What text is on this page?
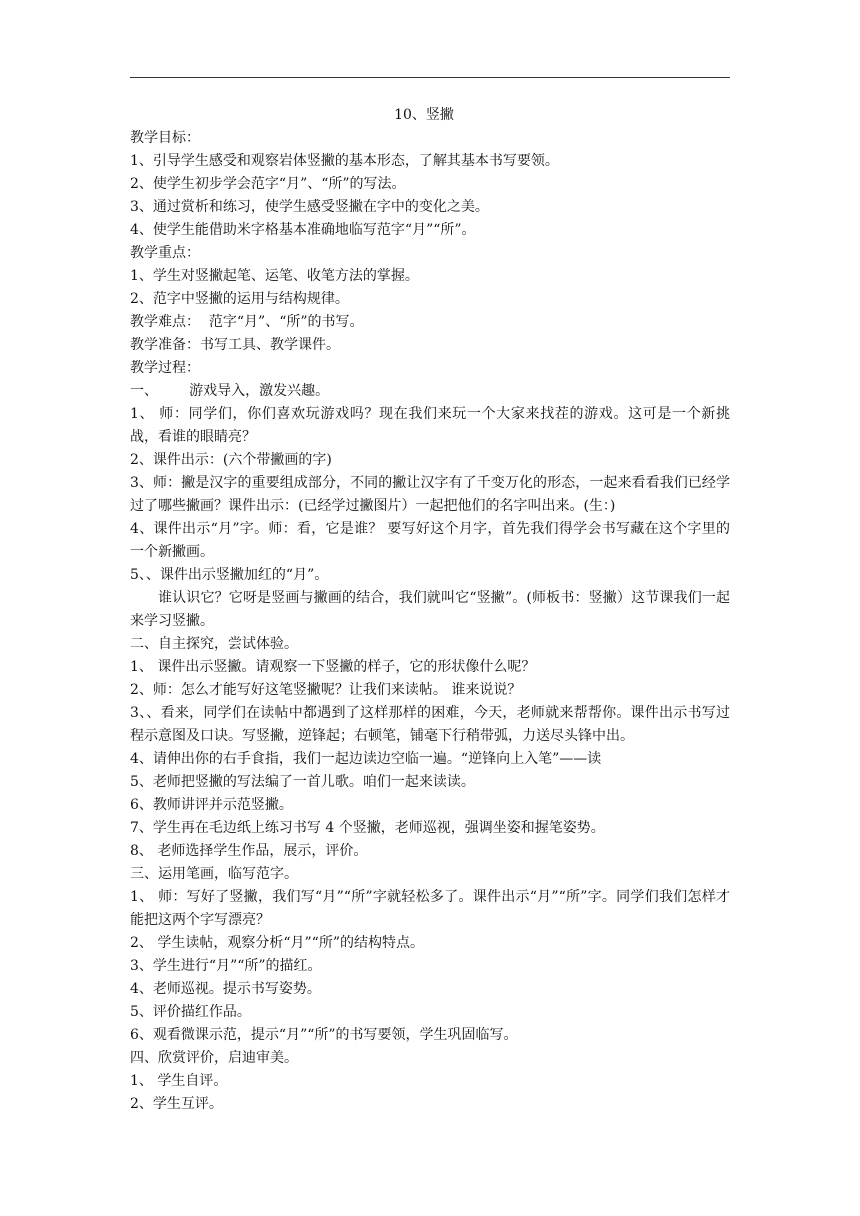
10、竖撇
教学目标：
1、引导学生感受和观察岩体竖撇的基本形态，了解其基本书写要领。
2、使学生初步学会范字“月”、“所”的写法。
3、通过赏析和练习，使学生感受竖撇在字中的变化之美。
4、使学生能借助米字格基本准确地临写范字“月”“所”。
教学重点：
1、学生对竖撇起笔、运笔、收笔方法的掌握。
2、范字中竖撇的运用与结构规律。
教学难点：  范字“月”、“所”的书写。
教学准备：书写工具、教学课件。
教学过程：
一、       游戏导入，激发兴趣。
1、 师：同学们，你们喜欢玩游戏吗？现在我们来玩一个大家来找茬的游戏。这可是一个新挑战，看谁的眼睛亮？
2、课件出示：(六个带撇画的字)
3、师：撇是汉字的重要组成部分，不同的撇让汉字有了千变万化的形态，一起来看看我们已经学过了哪些撇画？课件出示：(已经学过撇图片）一起把他们的名字叫出来。(生：)
4、课件出示“月”字。师：看，它是谁？ 要写好这个月字，首先我们得学会书写藏在这个字里的一个新撇画。
5、、课件出示竖撇加红的“月”。
谁认识它？它呀是竖画与撇画的结合，我们就叫它“竖撇”。(师板书：竖撇）这节课我们一起来学习竖撇。
二、自主探究，尝试体验。
1、 课件出示竖撇。请观察一下竖撇的样子，它的形状像什么呢？
2、师：怎么才能写好这笔竖撇呢？让我们来读帖。 谁来说说？
3、、看来，同学们在读帖中都遇到了这样那样的困难，今天，老师就来帮帮你。课件出示书写过程示意图及口诀。写竖撇，逆锋起；右顿笔，铺毫下行稍带弧，力送尽头锋中出。
4、请伸出你的右手食指，我们一起边读边空临一遍。“逆锋向上入笔”——读
5、老师把竖撇的写法编了一首儿歌。咱们一起来读读。
6、教师讲评并示范竖撇。
7、学生再在毛边纸上练习书写 4 个竖撇，老师巡视，强调坐姿和握笔姿势。
8、 老师选择学生作品，展示，评价。
三、运用笔画，临写范字。
1、 师：写好了竖撇，我们写“月”“所”字就轻松多了。课件出示“月”“所”字。同学们我们怎样才能把这两个字写漂亮？
2、 学生读帖，观察分析“月”“所”的结构特点。
3、学生进行“月”“所”的描红。
4、老师巡视。提示书写姿势。
5、评价描红作品。
6、观看微课示范，提示“月”“所”的书写要领，学生巩固临写。
四、欣赏评价，启迪审美。
1、 学生自评。
2、学生互评。
